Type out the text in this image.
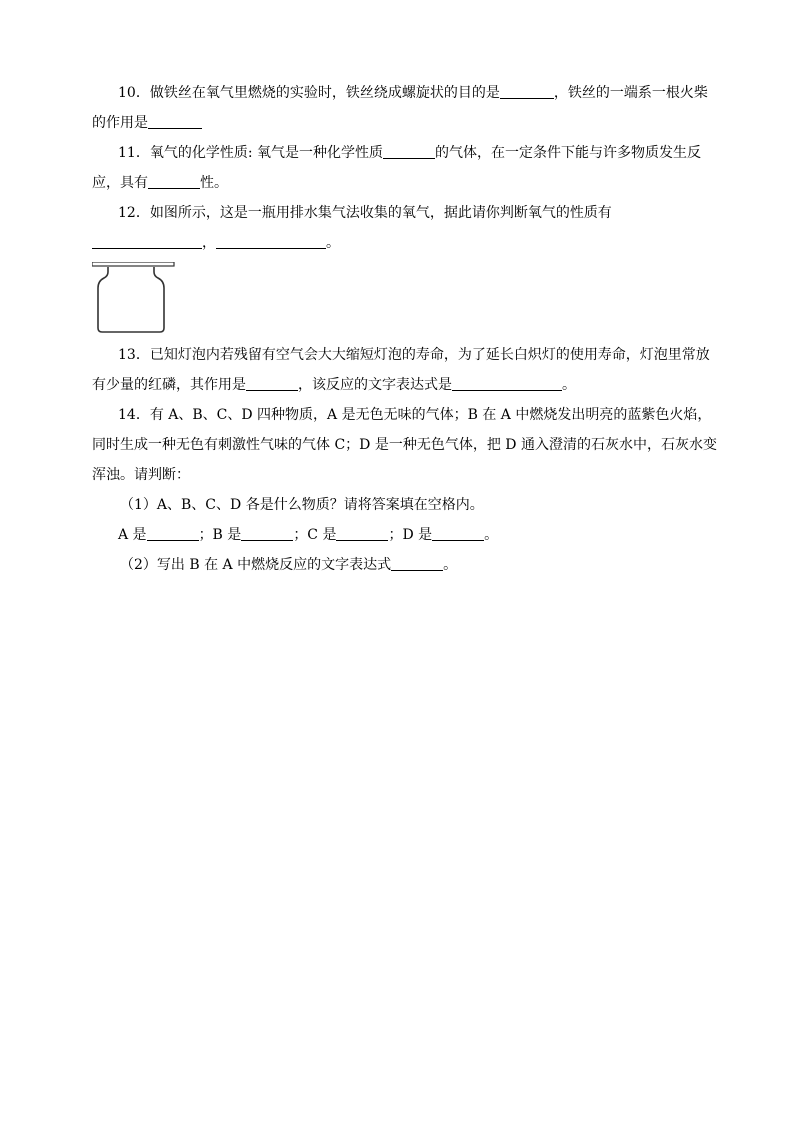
10．做铁丝在氧气里燃烧的实验时，铁丝绕成螺旋状的目的是	，铁丝的一端系一根火柴
的作用是
11．氧气的化学性质: 氧气是一种化学性质	的气体，在一定条件下能与许多物质发生反
应，具有	性。
12．如图所示，这是一瓶用排水集气法收集的氧气，据此请你判断氧气的性质有
，	。
13．已知灯泡内若残留有空气会大大缩短灯泡的寿命，为了延长白炽灯的使用寿命，灯泡里常放
有少量的红磷，其作用是	，该反应的文字表达式是	。
14．有 A、B、C、D 四种物质，A 是无色无味的气体；B 在 A 中燃烧发出明亮的蓝紫色火焰，
同时生成一种无色有刺激性气味的气体 C；D 是一种无色气体，把 D 通入澄清的石灰水中，石灰水变
浑浊。请判断：
（1）A、B、C、D 各是什么物质？请将答案填在空格内。
A 是	；B 是	；C 是	；D 是	。
（2）写出 B 在 A 中燃烧反应的文字表达式	。
